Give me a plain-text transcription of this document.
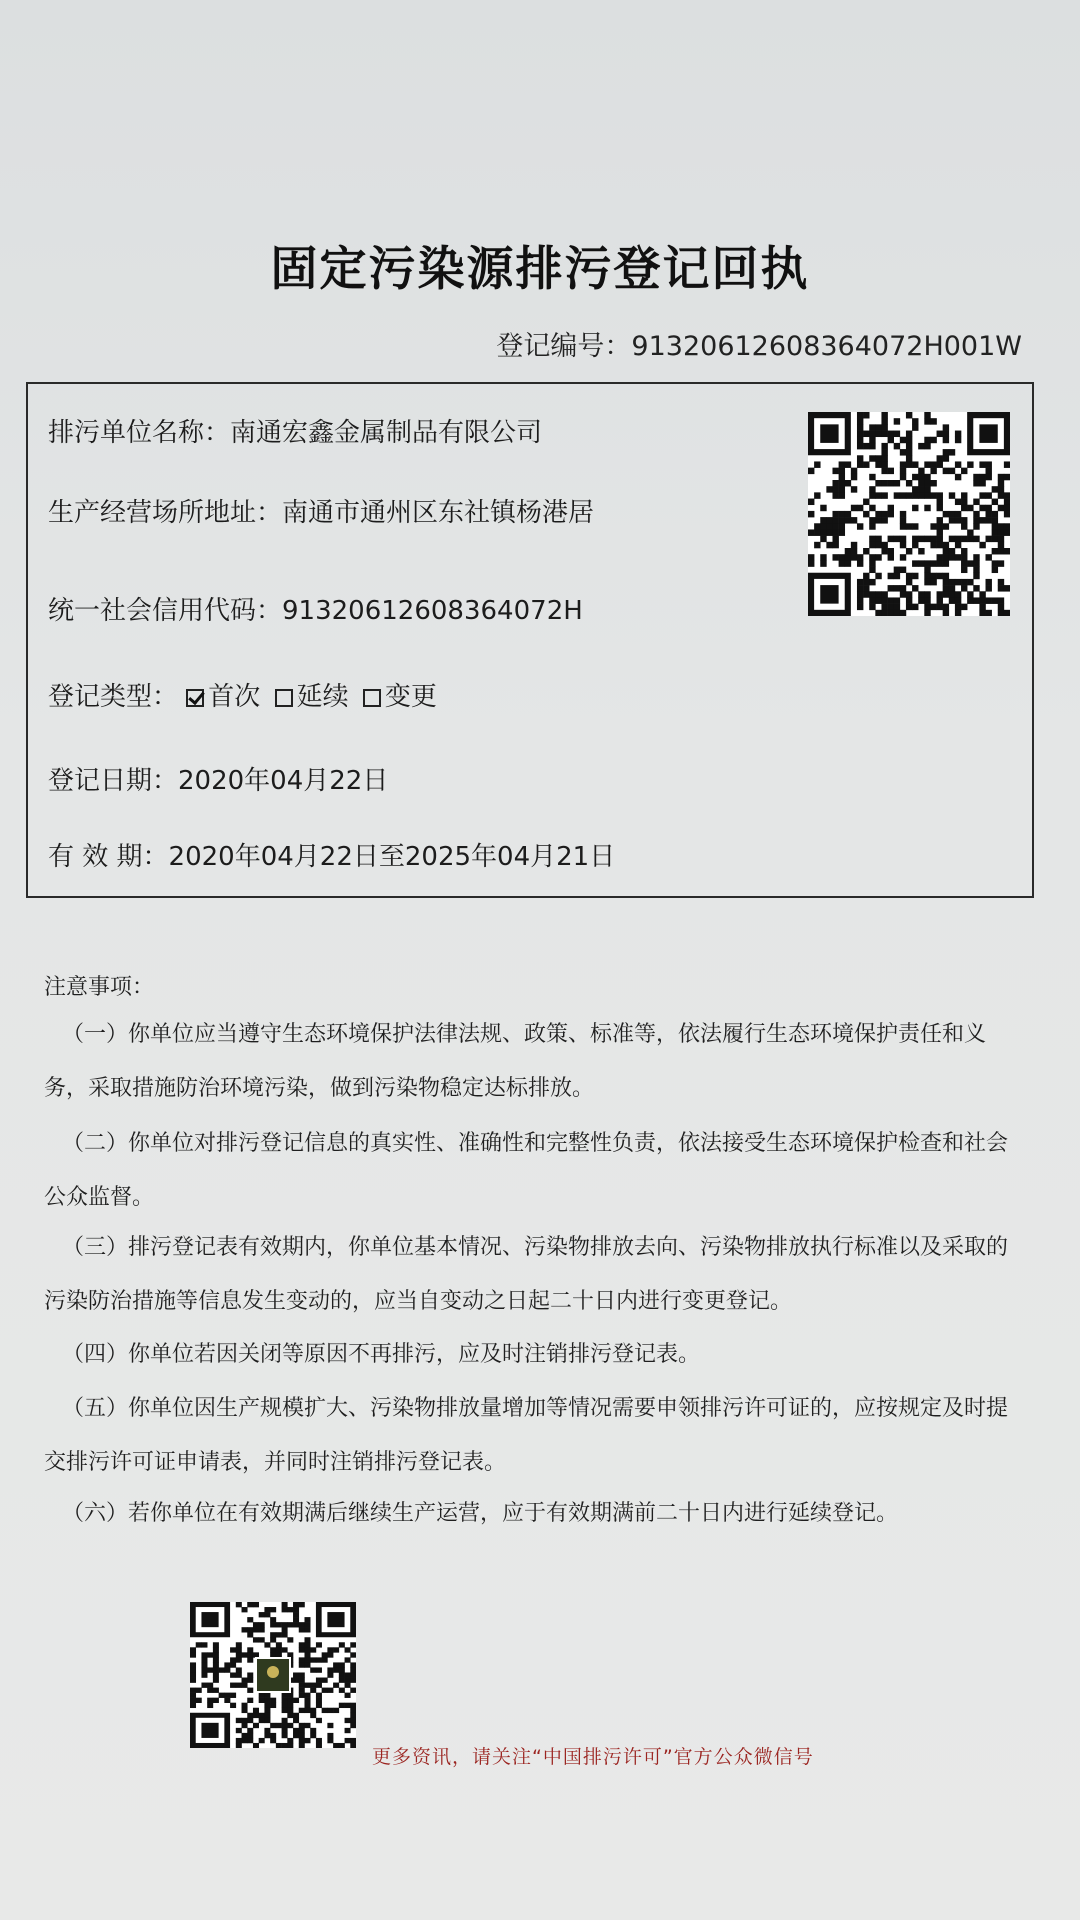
固定污染源排污登记回执
登记编号：91320612608364072H001W
排污单位名称：南通宏鑫金属制品有限公司
生产经营场所地址：南通市通州区东社镇杨港居
统一社会信用代码：91320612608364072H
登记类型： 首次 延续 变更
登记日期：2020年04月22日
有 效 期：2020年04月22日至2025年04月21日
注意事项：
（一）你单位应当遵守生态环境保护法律法规、政策、标准等，依法履行生态环境保护责任和义务，采取措施防治环境污染，做到污染物稳定达标排放。
（二）你单位对排污登记信息的真实性、准确性和完整性负责，依法接受生态环境保护检查和社会公众监督。
（三）排污登记表有效期内，你单位基本情况、污染物排放去向、污染物排放执行标准以及采取的污染防治措施等信息发生变动的，应当自变动之日起二十日内进行变更登记。
（四）你单位若因关闭等原因不再排污，应及时注销排污登记表。
（五）你单位因生产规模扩大、污染物排放量增加等情况需要申领排污许可证的，应按规定及时提交排污许可证申请表，并同时注销排污登记表。
（六）若你单位在有效期满后继续生产运营，应于有效期满前二十日内进行延续登记。
更多资讯，请关注“中国排污许可”官方公众微信号
